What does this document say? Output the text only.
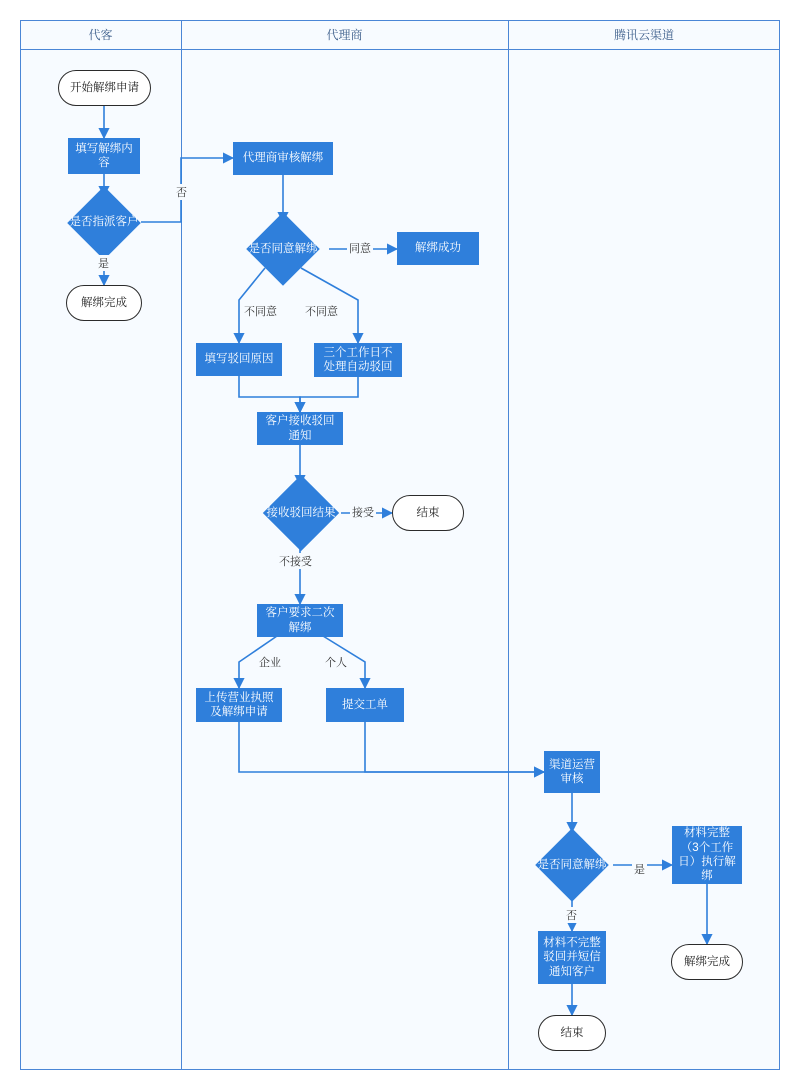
代客	代理商	腾讯云渠道
开始解绑申请
填写解绑内容
是否指派客户
解绑完成
代理商审核解绑
是否同意解绑	解绑成功
填写驳回原因
三个工作日不处理自动驳回
客户接收驳回通知
接收驳回结果	结束
客户要求二次解绑
上传营业执照及解绑申请
提交工单
渠道运营审核
是否同意解绑
材料完整（3个工作日）执行解绑
材料不完整驳回并短信通知客户
解绑完成
结束
否
是
同意
不同意	不同意
接受
不接受
企业	个人
是
否
